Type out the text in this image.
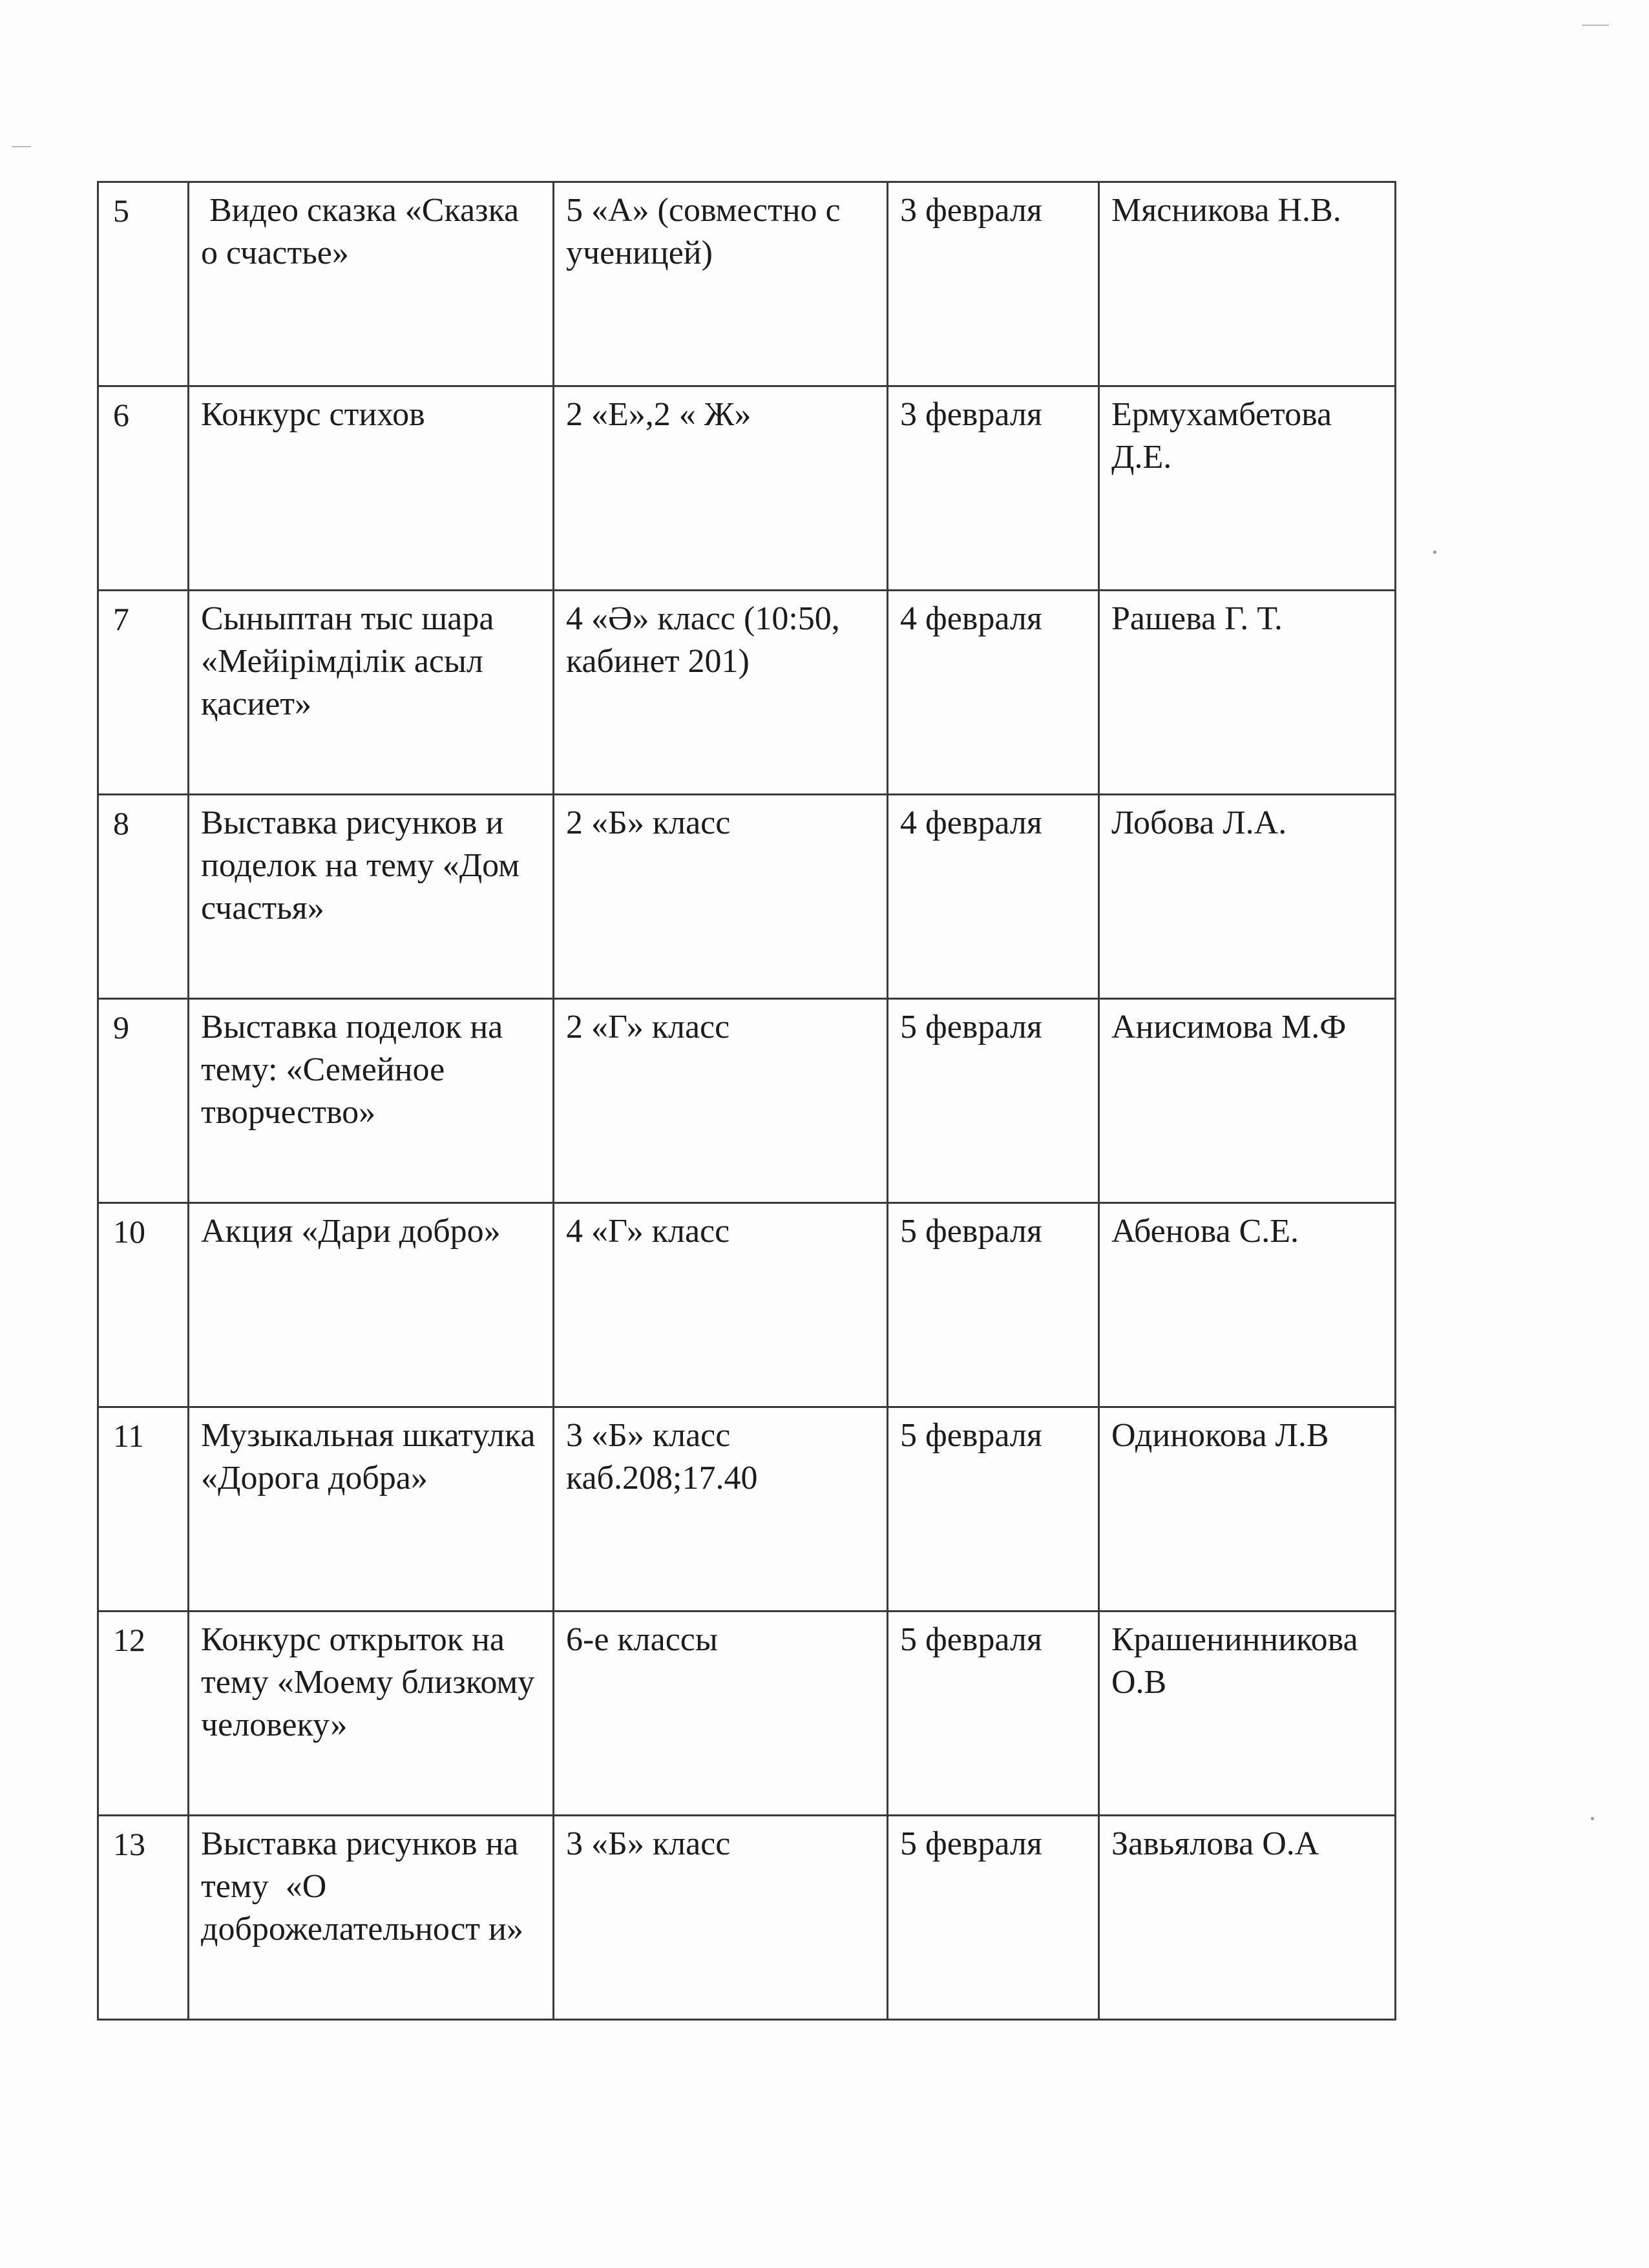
5	Видео сказка «Сказка о счастье»	5 «А» (совместно с ученицей)	3 февраля	Мясникова Н.В.
6	Конкурс стихов	2 «Е»,2 « Ж»	3 февраля	Ермухамбетова Д.Е.
7	Сыныптан тыс шара «Мейірімділік асыл қасиет»	4 «Ә» класс (10:50, кабинет 201)	4 февраля	Рашева Г. Т.
8	Выставка рисунков и поделок на тему «Дом счастья»	2 «Б» класс	4 февраля	Лобова Л.А.
9	Выставка поделок на тему: «Семейное творчество»	2 «Г» класс	5 февраля	Анисимова М.Ф
10	Акция «Дари добро»	4 «Г» класс	5 февраля	Абенова С.Е.
11	Музыкальная шкатулка «Дорога добра»	3 «Б» класс каб.208;17.40	5 февраля	Одинокова Л.В
12	Конкурс открыток на тему «Моему близкому человеку»	6-е классы	5 февраля	Крашенинникова О.В
13	Выставка рисунков на тему  «О доброжелательност и»	3 «Б» класс	5 февраля	Завьялова О.А
